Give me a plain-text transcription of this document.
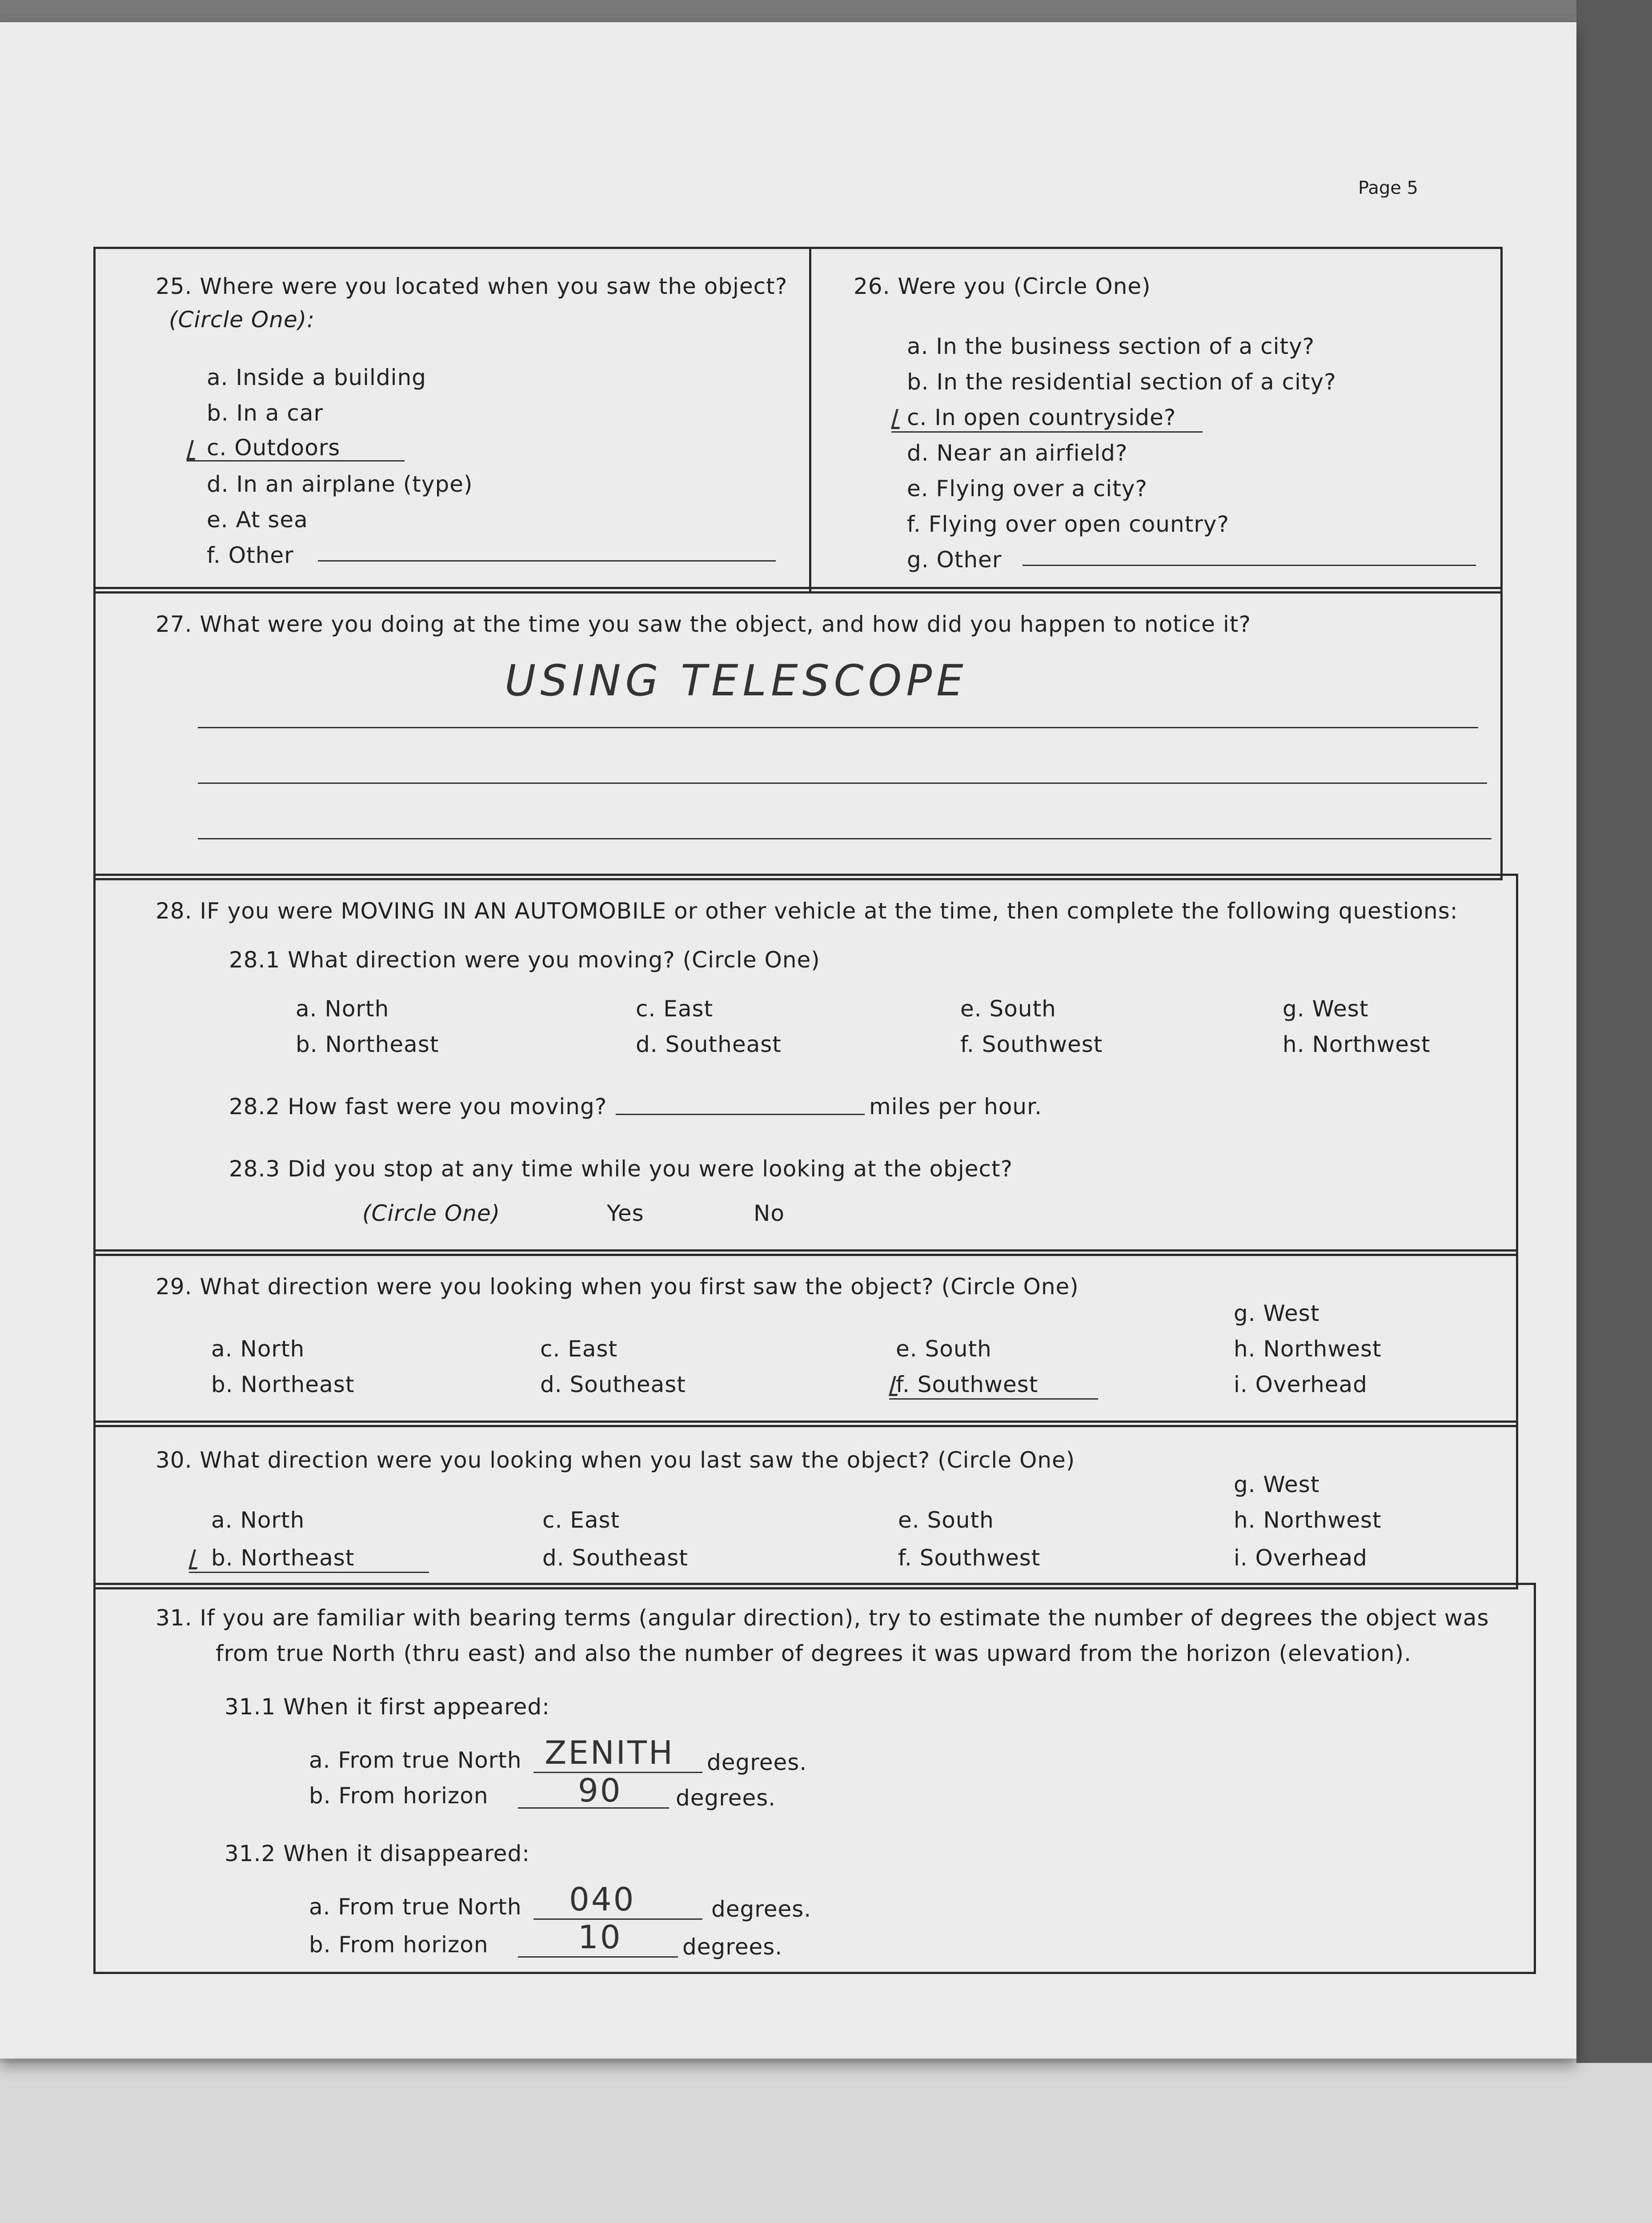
Page 5
25. Where were you located when you saw the object?
(Circle One):
a. Inside a building
b. In a car
c. Outdoors
d. In an airplane (type)
e. At sea
f. Other
26. Were you (Circle One)
a. In the business section of a city?
b. In the residential section of a city?
c. In open countryside?
d. Near an airfield?
e. Flying over a city?
f. Flying over open country?
g. Other
27. What were you doing at the time you saw the object, and how did you happen to notice it?
USING TELESCOPE
28. IF you were MOVING IN AN AUTOMOBILE or other vehicle at the time, then complete the following questions:
28.1 What direction were you moving? (Circle One)
a. North
b. Northeast
c. East
d. Southeast
e. South
f. Southwest
g. West
h. Northwest
28.2 How fast were you moving?	miles per hour.
28.3 Did you stop at any time while you were looking at the object?
(Circle One)	Yes	No
29. What direction were you looking when you first saw the object? (Circle One)
a. North
b. Northeast
c. East
d. Southeast
e. South
f. Southwest
g. West
h. Northwest
i. Overhead
30. What direction were you looking when you last saw the object? (Circle One)
a. North
b. Northeast
c. East
d. Southeast
e. South
f. Southwest
g. West
h. Northwest
i. Overhead
31. If you are familiar with bearing terms (angular direction), try to estimate the number of degrees the object was
from true North (thru east) and also the number of degrees it was upward from the horizon (elevation).
31.1 When it first appeared:
a. From true North ZENITH degrees.
b. From horizon	90 degrees.
31.2 When it disappeared:
a. From true North 040	degrees.
b. From horizon	10	degrees.
